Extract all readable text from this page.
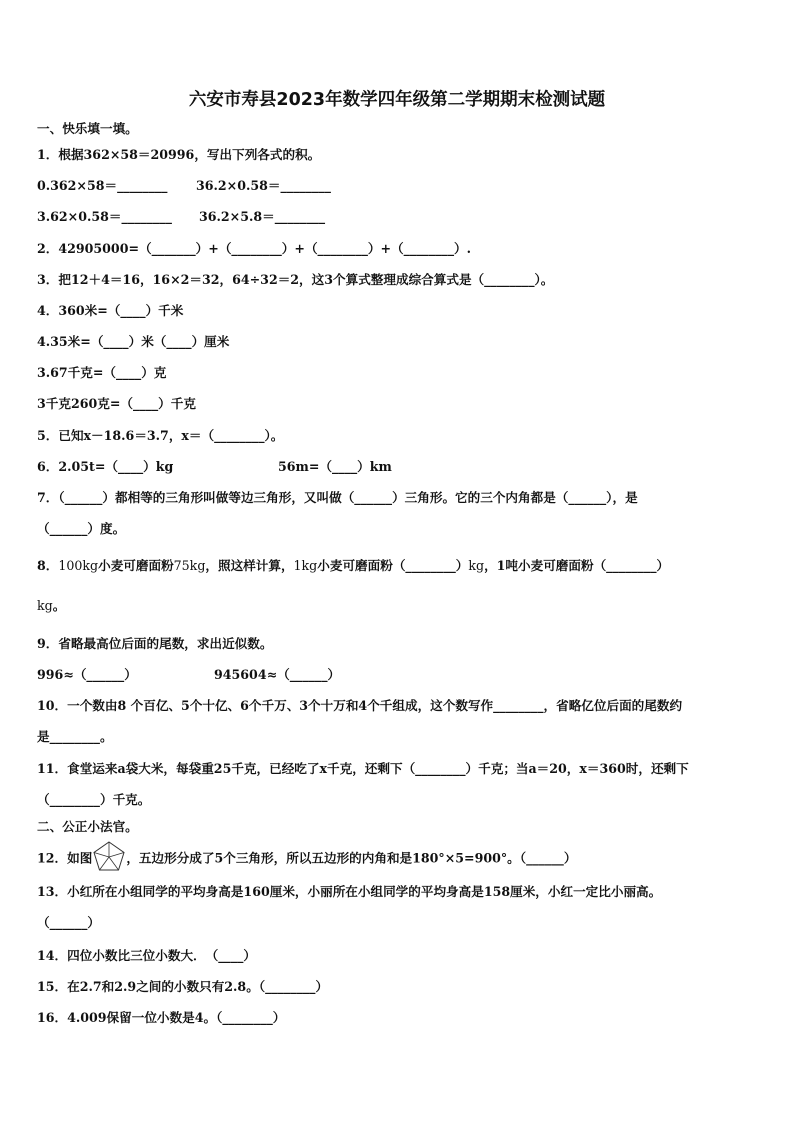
六安市寿县2023年数学四年级第二学期期末检测试题
一、快乐填一填。
1．根据362×58＝20996，写出下列各式的积。
0.362×58＝________ 36.2×0.58＝________
3.62×0.58＝________ 36.2×5.8＝________
2．42905000=（_______）+（________）+（________）+（________）.
3．把12＋4＝16，16×2＝32，64÷32＝2，这3个算式整理成综合算式是（________）。
4．360米=（____）千米
4.35米=（____）米（____）厘米
3.67千克=（____）克
3千克260克=（____）千克
5．已知x－18.6＝3.7，x＝（________）。
6．2.05t=（____）kg	56m=（____）km
7．（______）都相等的三角形叫做等边三角形，又叫做（______）三角形。它的三个内角都是（______），是
（______）度。
8．100kg小麦可磨面粉75kg，照这样计算，1kg小麦可磨面粉（________）kg，1吨小麦可磨面粉（________）
kg。
9．省略最高位后面的尾数，求出近似数。
996≈（______）	945604≈（______）
10．一个数由8 个百亿、5个十亿、6个千万、3个十万和4个千组成，这个数写作________，省略亿位后面的尾数约
是________。
11．食堂运来a袋大米，每袋重25千克，已经吃了x千克，还剩下（________）千克；当a＝20，x＝360时，还剩下
（________）千克。
二、公正小法官。
12．如图	，五边形分成了5个三角形，所以五边形的内角和是180°×5=900°。（______）
13．小红所在小组同学的平均身高是160厘米，小丽所在小组同学的平均身高是158厘米，小红一定比小丽高。
（______）
14．四位小数比三位小数大．　（____）
15．在2.7和2.9之间的小数只有2.8。（________）
16．4.009保留一位小数是4。（________）
